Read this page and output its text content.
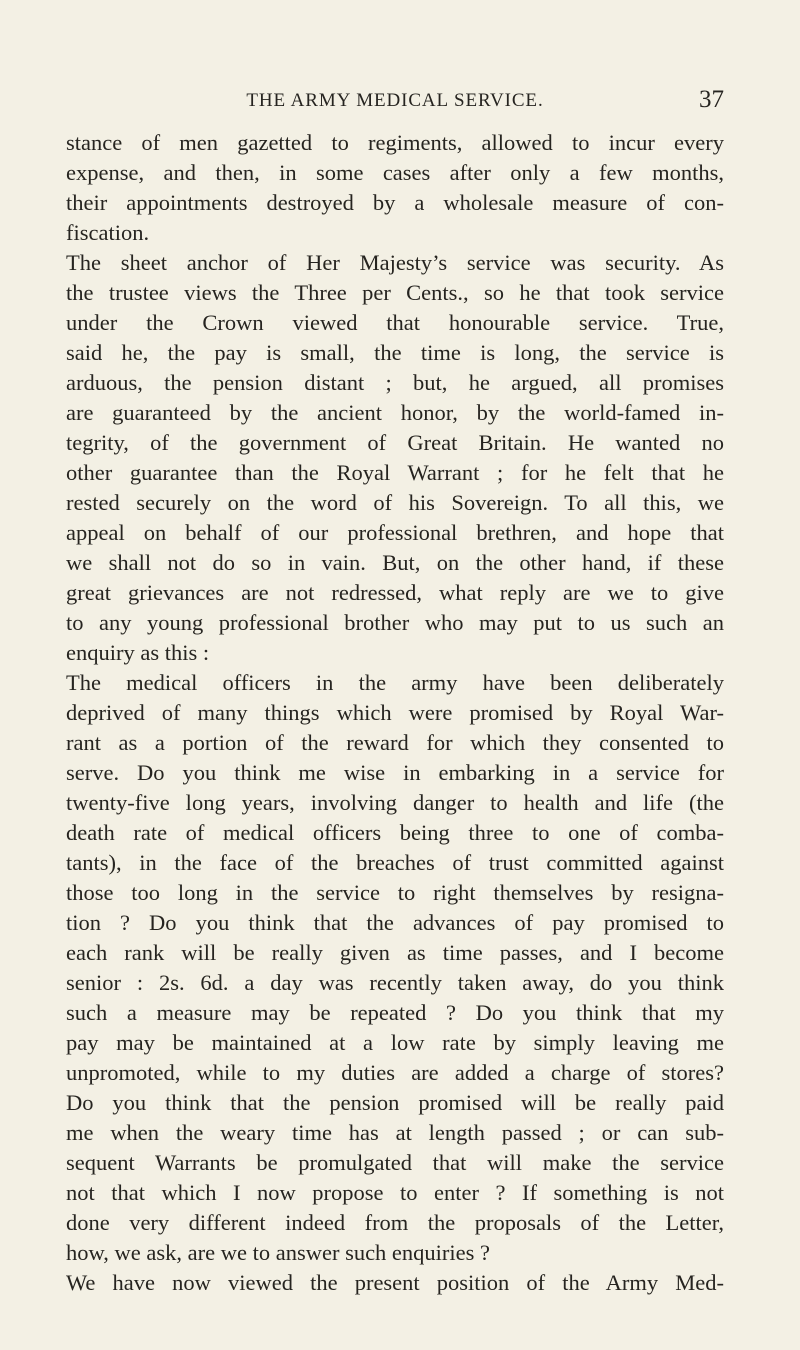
THE ARMY MEDICAL SERVICE.	37
stance of men gazetted to regiments, allowed to incur every
expense, and then, in some cases after only a few months,
their appointments destroyed by a wholesale measure of con-
fiscation.
The sheet anchor of Her Majesty’s service was security. As
the trustee views the Three per Cents., so he that took service
under the Crown viewed that honourable service. True,
said he, the pay is small, the time is long, the service is
arduous, the pension distant ; but, he argued, all promises
are guaranteed by the ancient honor, by the world-famed in-
tegrity, of the government of Great Britain. He wanted no
other guarantee than the Royal Warrant ; for he felt that he
rested securely on the word of his Sovereign. To all this, we
appeal on behalf of our professional brethren, and hope that
we shall not do so in vain. But, on the other hand, if these
great grievances are not redressed, what reply are we to give
to any young professional brother who may put to us such an
enquiry as this :
The medical officers in the army have been deliberately
deprived of many things which were promised by Royal War-
rant as a portion of the reward for which they consented to
serve. Do you think me wise in embarking in a service for
twenty-five long years, involving danger to health and life (the
death rate of medical officers being three to one of comba-
tants), in the face of the breaches of trust committed against
those too long in the service to right themselves by resigna-
tion ? Do you think that the advances of pay promised to
each rank will be really given as time passes, and I become
senior : 2s. 6d. a day was recently taken away, do you think
such a measure may be repeated ? Do you think that my
pay may be maintained at a low rate by simply leaving me
unpromoted, while to my duties are added a charge of stores?
Do you think that the pension promised will be really paid
me when the weary time has at length passed ; or can sub-
sequent Warrants be promulgated that will make the service
not that which I now propose to enter ? If something is not
done very different indeed from the proposals of the Letter,
how, we ask, are we to answer such enquiries ?
We have now viewed the present position of the Army Med-
